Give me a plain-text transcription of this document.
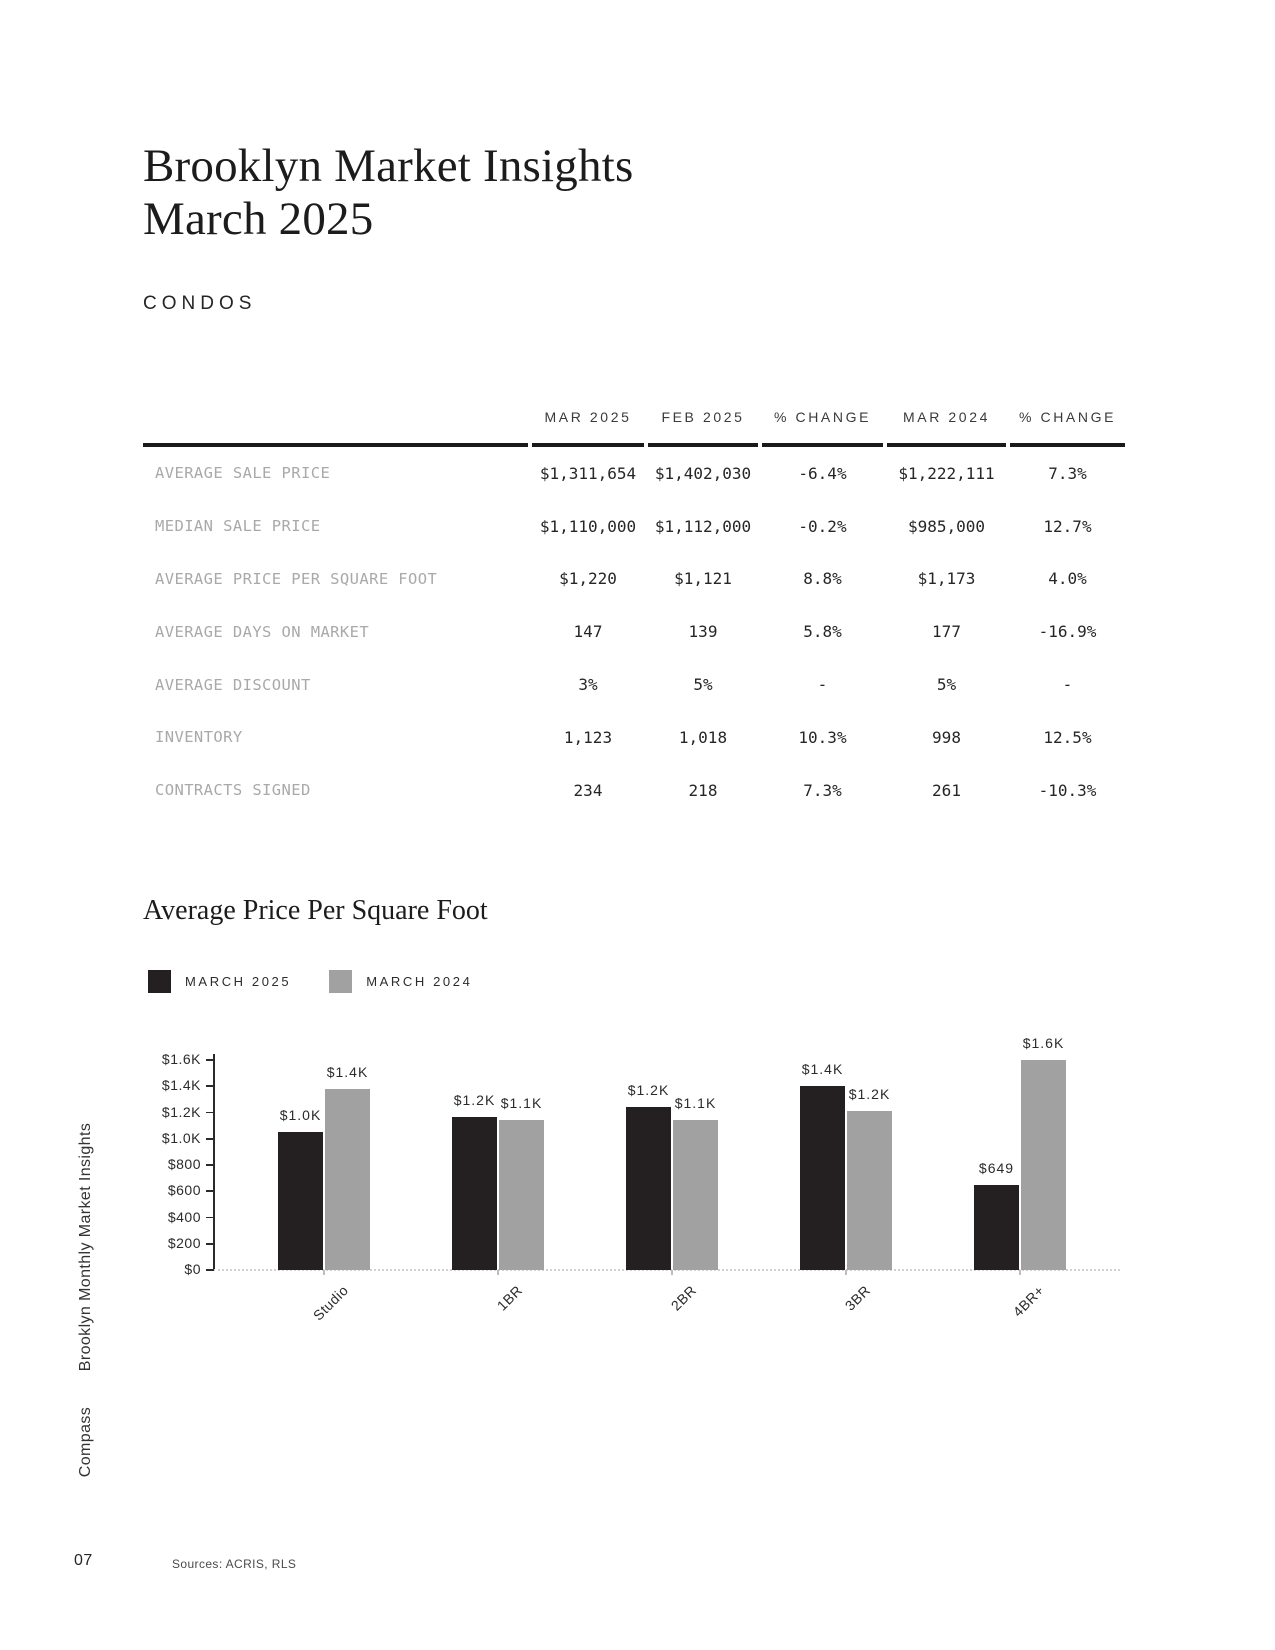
Brooklyn Market Insights
March 2025
CONDOS
MAR 2025	FEB 2025	% CHANGE	MAR 2024	% CHANGE
AVERAGE SALE PRICE	$1,311,654	$1,402,030	-6.4%	$1,222,111	7.3%
MEDIAN SALE PRICE	$1,110,000	$1,112,000	-0.2%	$985,000	12.7%
AVERAGE PRICE PER SQUARE FOOT	$1,220	$1,121	8.8%	$1,173	4.0%
AVERAGE DAYS ON MARKET	147	139	5.8%	177	-16.9%
AVERAGE DISCOUNT	3%	5%	-	5%	-
INVENTORY	1,123	1,018	10.3%	998	12.5%
CONTRACTS SIGNED	234	218	7.3%	261	-10.3%
Average Price Per Square Foot
MARCH 2025	MARCH 2024
$0
$200
$400
$600
$800
$1.0K
$1.2K
$1.4K
$1.6K
$1.0K
$1.2K
$1.2K
$1.4K
$649
$1.4K
$1.1K	$1.1K
$1.2K
$1.6K
Studio	1BR	2BR	3BR	4BR+
Brooklyn Monthly Market Insights
Compass
07	Sources: ACRIS, RLS
